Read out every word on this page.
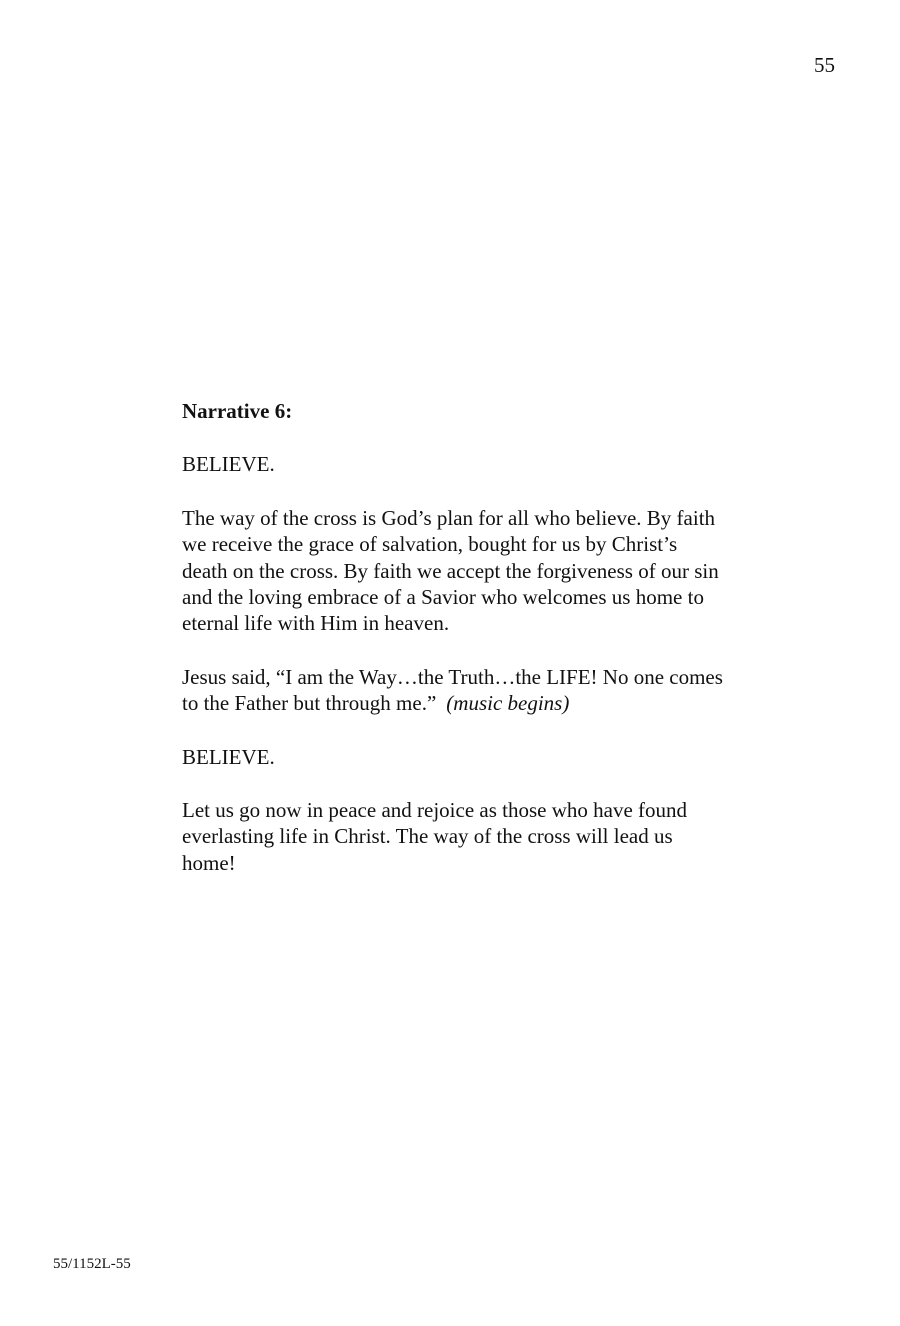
55

Narrative 6:

BELIEVE.

The way of the cross is God’s plan for all who believe. By faith we receive the grace of salvation, bought for us by Christ’s death on the cross. By faith we accept the forgiveness of our sin and the loving embrace of a Savior who welcomes us home to eternal life with Him in heaven.

Jesus said, “I am the Way…the Truth…the LIFE! No one comes to the Father but through me.” (music begins)

BELIEVE.

Let us go now in peace and rejoice as those who have found everlasting life in Christ. The way of the cross will lead us home!

55/1152L-55
